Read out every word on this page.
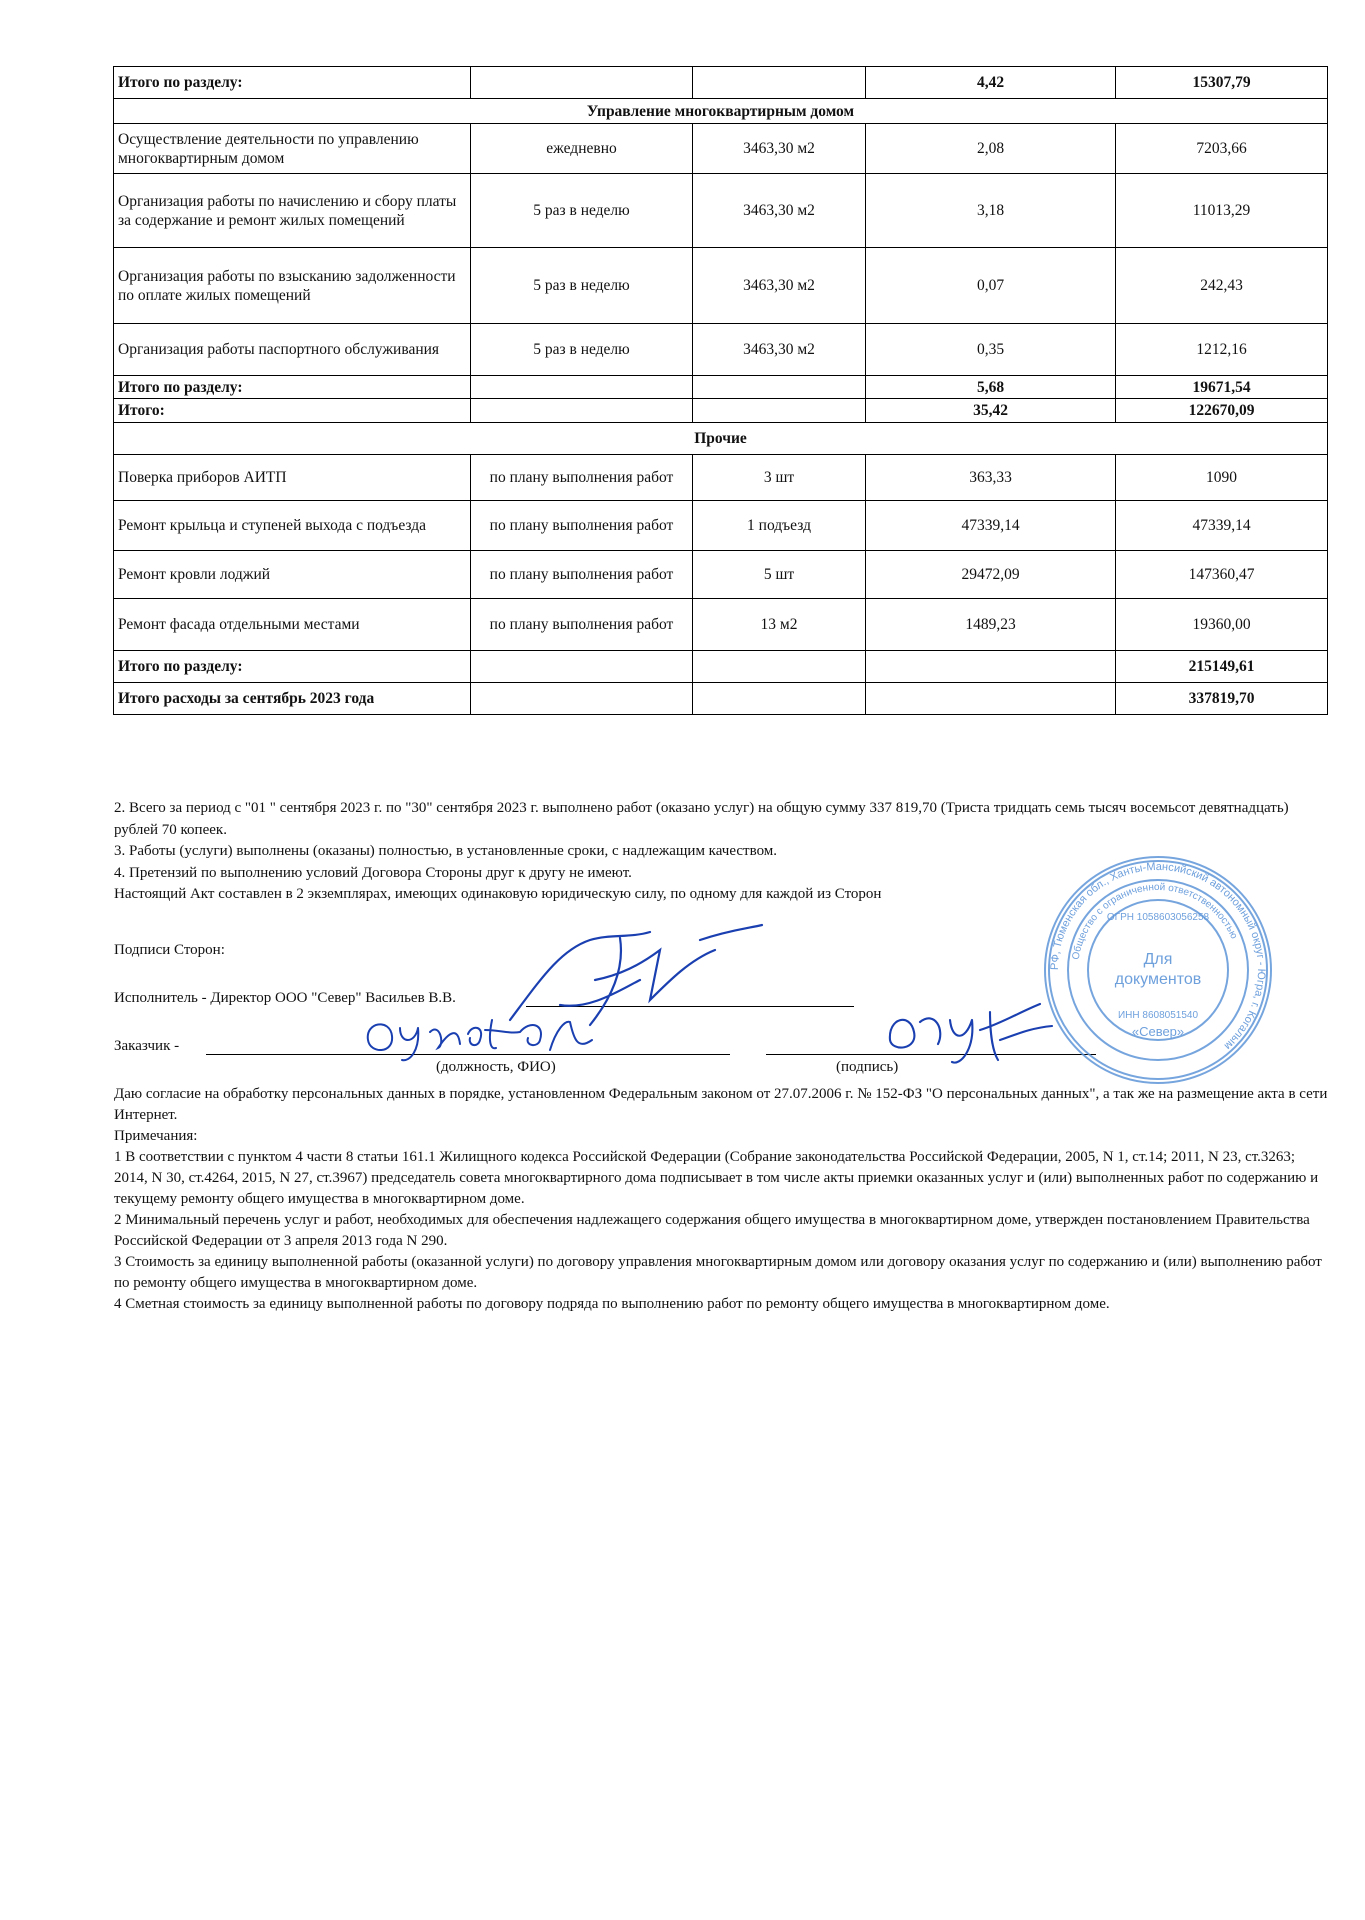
Итого по разделу:			4,42	15307,79
Управление многоквартирным домом				
Осуществление деятельности по управлению многоквартирным домом	ежедневно	3463,30 м2	2,08	7203,66
Организация работы по начислению и сбору платы за содержание и ремонт жилых помещений	5 раз в неделю	3463,30 м2	3,18	11013,29
Организация работы по взысканию задолженности по оплате жилых помещений	5 раз в неделю	3463,30 м2	0,07	242,43
Организация работы паспортного обслуживания	5 раз в неделю	3463,30 м2	0,35	1212,16
Итого по разделу:			5,68	19671,54
Итого:			35,42	122670,09
Прочие				
Поверка приборов АИТП	по плану выполнения работ	3 шт	363,33	1090
Ремонт крыльца и ступеней выхода с подъезда	по плану выполнения работ	1 подъезд	47339,14	47339,14
Ремонт кровли лоджий	по плану выполнения работ	5 шт	29472,09	147360,47
Ремонт фасада отдельными местами	по плану выполнения работ	13 м2	1489,23	19360,00
Итого по разделу:				215149,61
Итого расходы за сентябрь 2023 года				337819,70

2. Всего за период с "01 " сентября 2023 г. по "30" сентября 2023 г. выполнено работ (оказано услуг) на общую сумму 337 819,70 (Триста тридцать семь тысяч восемьсот девятнадцать) рублей 70 копеек.

3. Работы (услуги) выполнены (оказаны) полностью, в установленные сроки, с надлежащим качеством.

4. Претензий по выполнению условий Договора Стороны друг к другу не имеют.

Настоящий Акт составлен в 2 экземплярах, имеющих одинаковую юридическую силу, по одному для каждой из Сторон

Подписи Сторон:
Исполнитель - Директор ООО "Север" Васильев В.В.
Заказчик -
(должность, ФИО)	(подпись)
РФ, Тюменская обл., Ханты-Мансийский автономный округ - Югра, г. Когалым
Общество с ограниченной ответственностью
ОГРН 1058603056258
Для
документов
ИНН 8608051540
«Север»

Даю согласие на обработку персональных данных в порядке, установленном Федеральным законом от 27.07.2006 г. № 152-ФЗ "О персональных данных", а так же на размещение акта в сети Интернет.

Примечания:

1 В соответствии с пунктом 4 части 8 статьи 161.1 Жилищного кодекса Российской Федерации (Собрание законодательства Российской Федерации, 2005, N 1, ст.14; 2011, N 23, ст.3263; 2014, N 30, ст.4264, 2015, N 27, ст.3967) председатель совета многоквартирного дома подписывает в том числе акты приемки оказанных услуг и (или) выполненных работ по содержанию и текущему ремонту общего имущества в многоквартирном доме.

2 Минимальный перечень услуг и работ, необходимых для обеспечения надлежащего содержания общего имущества в многоквартирном доме, утвержден постановлением Правительства Российской Федерации от 3 апреля 2013 года N 290.

3 Стоимость за единицу выполненной работы (оказанной услуги) по договору управления многоквартирным домом или договору оказания услуг по содержанию и (или) выполнению работ по ремонту общего имущества в многоквартирном доме.

4 Сметная стоимость за единицу выполненной работы по договору подряда по выполнению работ по ремонту общего имущества в многоквартирном доме.
